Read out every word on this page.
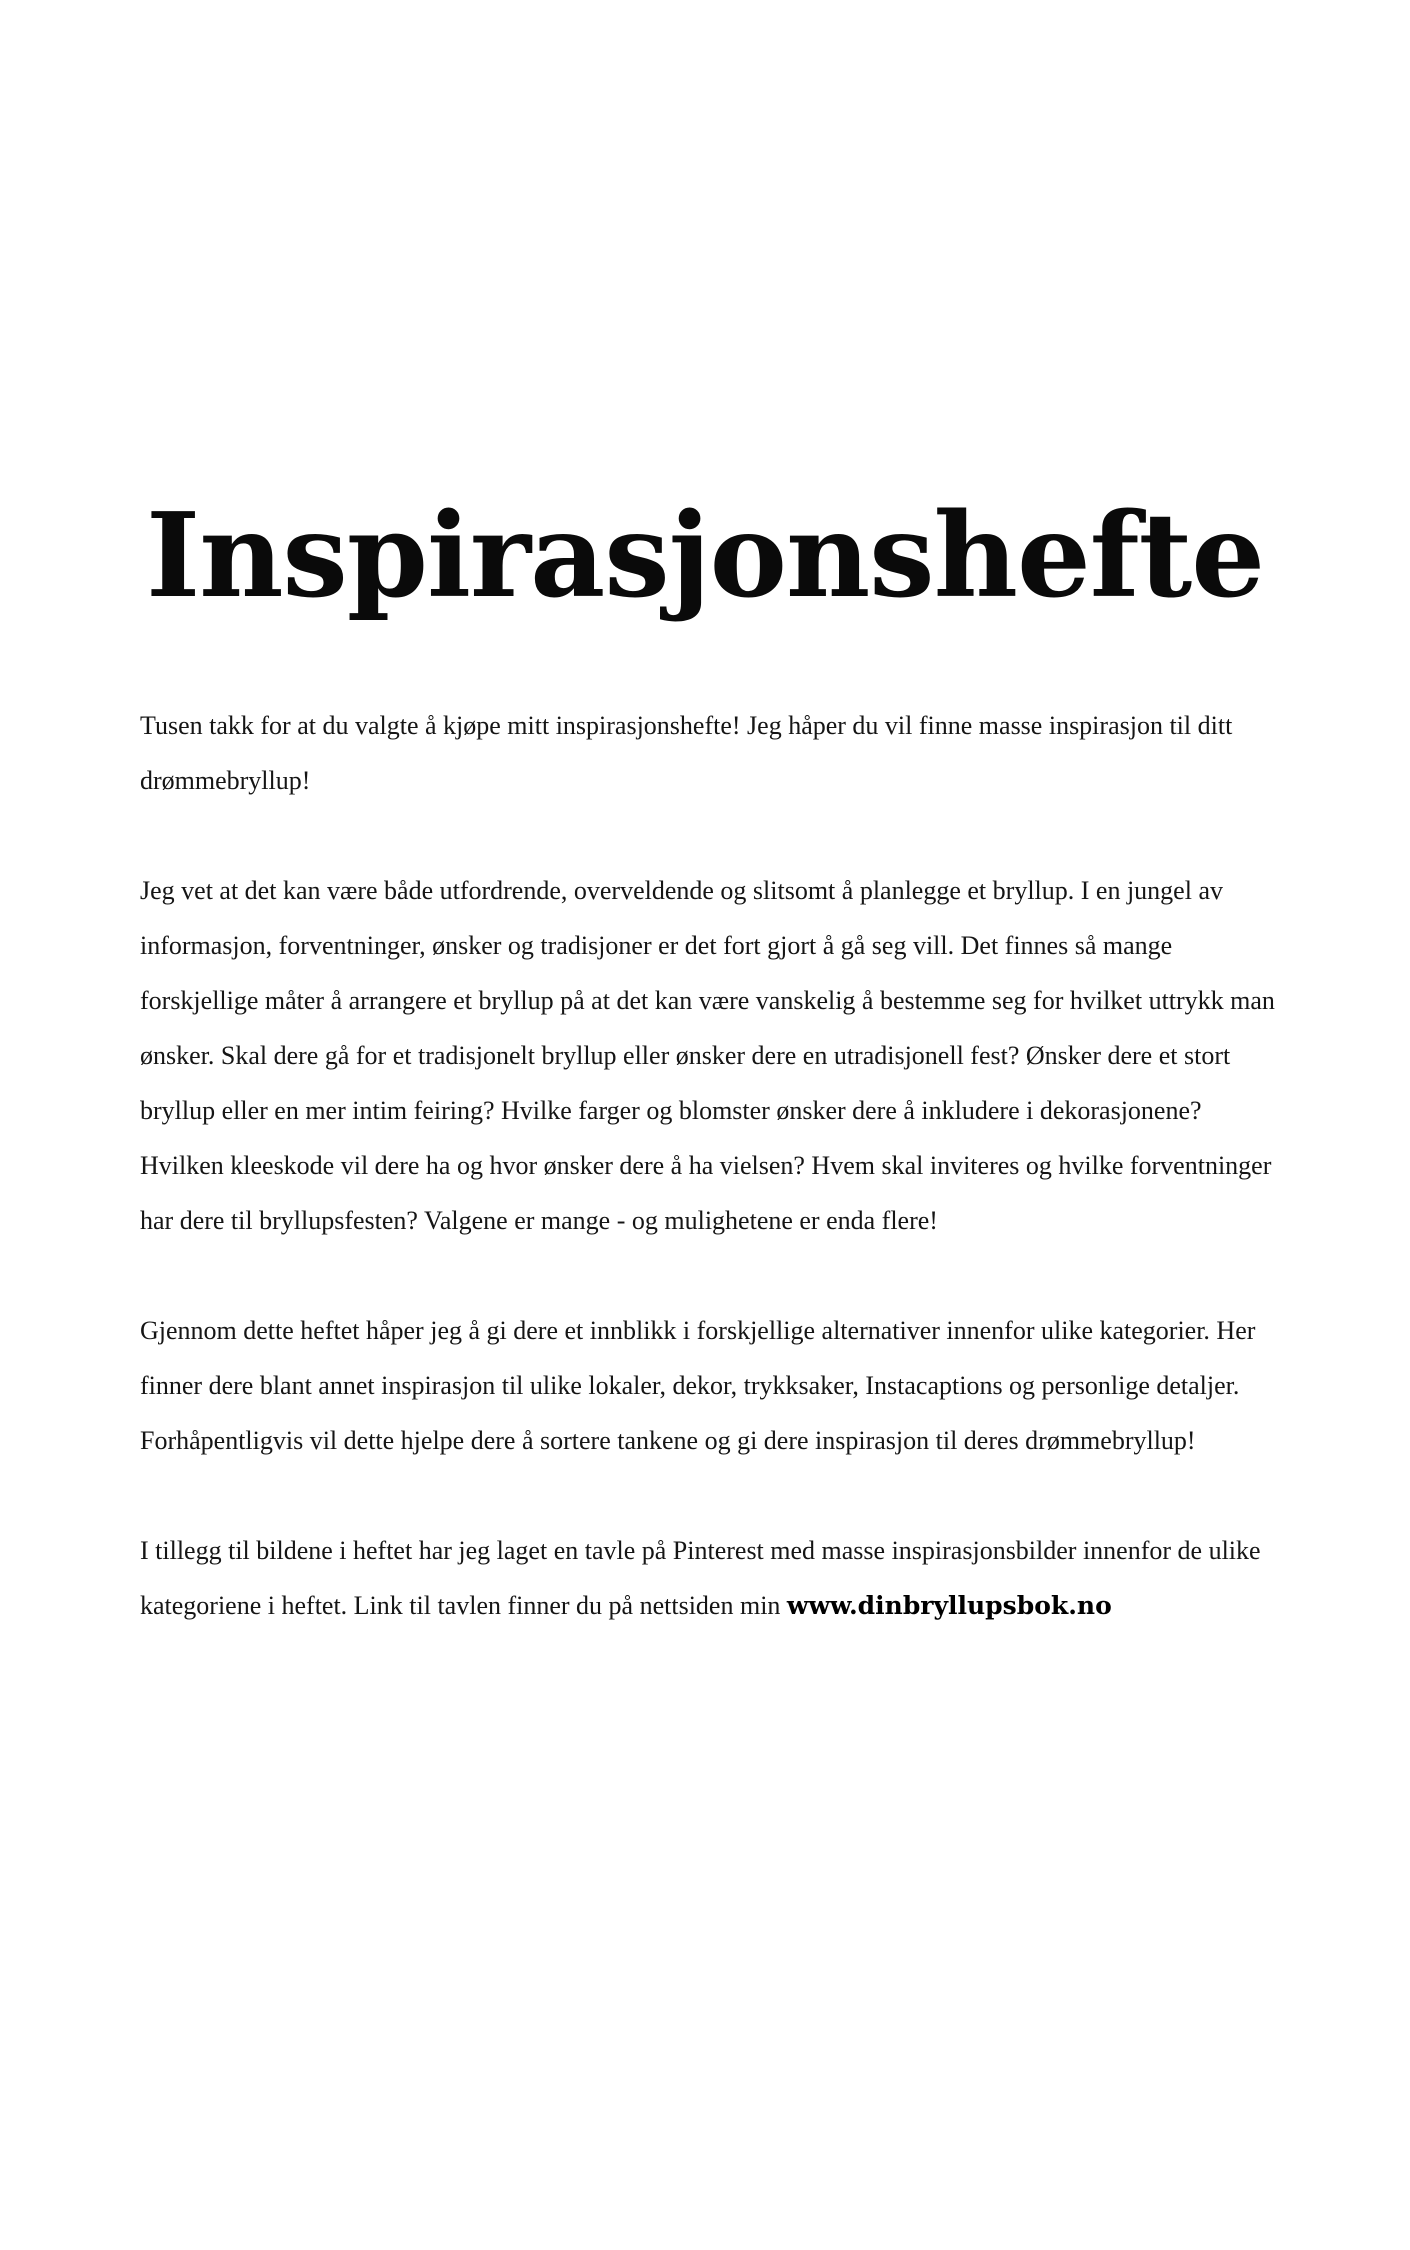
Inspirasjonshefte

Tusen takk for at du valgte å kjøpe mitt inspirasjonshefte! Jeg håper du vil finne masse inspirasjon til ditt drømmebryllup!

Jeg vet at det kan være både utfordrende, overveldende og slitsomt å planlegge et bryllup. I en jungel av informasjon, forventninger, ønsker og tradisjoner er det fort gjort å gå seg vill. Det finnes så mange forskjellige måter å arrangere et bryllup på at det kan være vanskelig å bestemme seg for hvilket uttrykk man ønsker. Skal dere gå for et tradisjonelt bryllup eller ønsker dere en utradisjonell fest? Ønsker dere et stort bryllup eller en mer intim feiring? Hvilke farger og blomster ønsker dere å inkludere i dekorasjonene? Hvilken kleeskode vil dere ha og hvor ønsker dere å ha vielsen? Hvem skal inviteres og hvilke forventninger har dere til bryllupsfesten? Valgene er mange - og mulighetene er enda flere!

Gjennom dette heftet håper jeg å gi dere et innblikk i forskjellige alternativer innenfor ulike kategorier. Her finner dere blant annet inspirasjon til ulike lokaler, dekor, trykksaker, Instacaptions og personlige detaljer. Forhåpentligvis vil dette hjelpe dere å sortere tankene og gi dere inspirasjon til deres drømmebryllup!

I tillegg til bildene i heftet har jeg laget en tavle på Pinterest med masse inspirasjonsbilder innenfor de ulike kategoriene i heftet. Link til tavlen finner du på nettsiden min www.dinbryllupsbok.no
